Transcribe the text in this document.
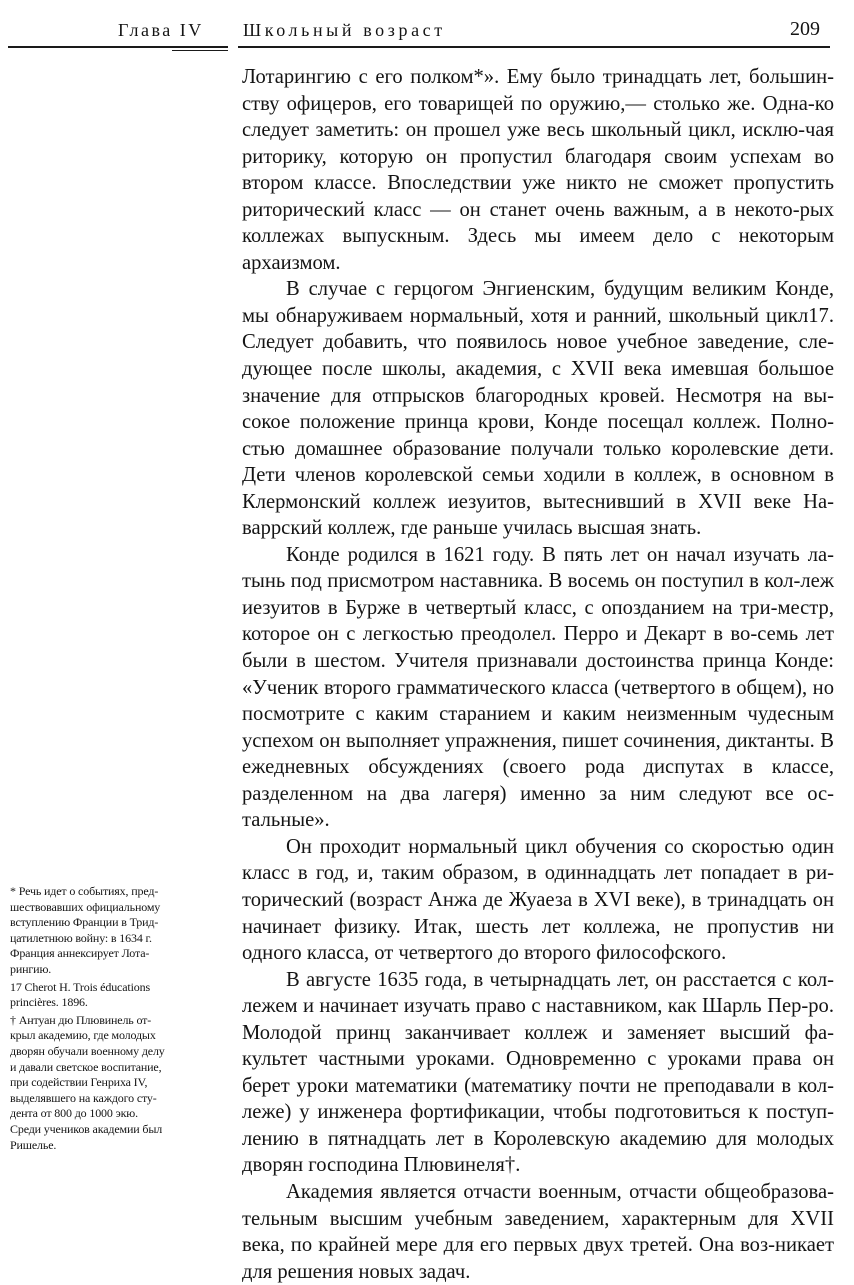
Глава IV Школьный возраст	209

Лотарингию с его полком*». Ему было тринадцать лет, большин-ству офицеров, его товарищей по оружию,— столько же. Одна-ко следует заметить: он прошел уже весь школьный цикл, исклю-чая риторику, которую он пропустил благодаря своим успехам во втором классе. Впоследствии уже никто не сможет пропустить риторический класс — он станет очень важным, а в некото-рых коллежах выпускным. Здесь мы имеем дело с некоторым архаизмом.

В случае с герцогом Энгиенским, будущим великим Конде, мы обнаруживаем нормальный, хотя и ранний, школьный цикл17. Следует добавить, что появилось новое учебное заведение, сле-дующее после школы, академия, с XVII века имевшая большое значение для отпрысков благородных кровей. Несмотря на вы-сокое положение принца крови, Конде посещал коллеж. Полно-стью домашнее образование получали только королевские дети. Дети членов королевской семьи ходили в коллеж, в основном в Клермонский коллеж иезуитов, вытеснивший в XVII веке На-варрский коллеж, где раньше училась высшая знать.

Конде родился в 1621 году. В пять лет он начал изучать ла-тынь под присмотром наставника. В восемь он поступил в кол-леж иезуитов в Бурже в четвертый класс, с опозданием на три-местр, которое он с легкостью преодолел. Перро и Декарт в во-семь лет были в шестом. Учителя признавали достоинства принца Конде: «Ученик второго грамматического класса (четвертого в общем), но посмотрите с каким старанием и каким неизменным чудесным успехом он выполняет упражнения, пишет сочинения, диктанты. В ежедневных обсуждениях (своего рода диспутах в классе, разделенном на два лагеря) именно за ним следуют все ос-тальные».

Он проходит нормальный цикл обучения со скоростью один класс в год, и, таким образом, в одиннадцать лет попадает в ри-торический (возраст Анжа де Жуаеза в XVI веке), в тринадцать он начинает физику. Итак, шесть лет коллежа, не пропустив ни одного класса, от четвертого до второго философского.

В августе 1635 года, в четырнадцать лет, он расстается с кол-лежем и начинает изучать право с наставником, как Шарль Пер-ро. Молодой принц заканчивает коллеж и заменяет высший фа-культет частными уроками. Одновременно с уроками права он берет уроки математики (математику почти не преподавали в кол-леже) у инженера фортификации, чтобы подготовиться к поступ-лению в пятнадцать лет в Королевскую академию для молодых дворян господина Плювинеля†.

Академия является отчасти военным, отчасти общеобразова-тельным высшим учебным заведением, характерным для XVII века, по крайней мере для его первых двух третей. Она воз-никает для решения новых задач.

* Речь идет о событиях, пред-
шествовавших официальному
вступлению Франции в Трид-
цатилетнюю войну: в 1634 г.
Франция аннексирует Лота-
рингию.
17 Cherot H. Trois éducations
princières. 1896.
† Антуан дю Плювинель от-
крыл академию, где молодых
дворян обучали военному делу
и давали светское воспитание,
при содействии Генриха IV,
выделявшего на каждого сту-
дента от 800 до 1000 экю.
Среди учеников академии был
Ришелье.
